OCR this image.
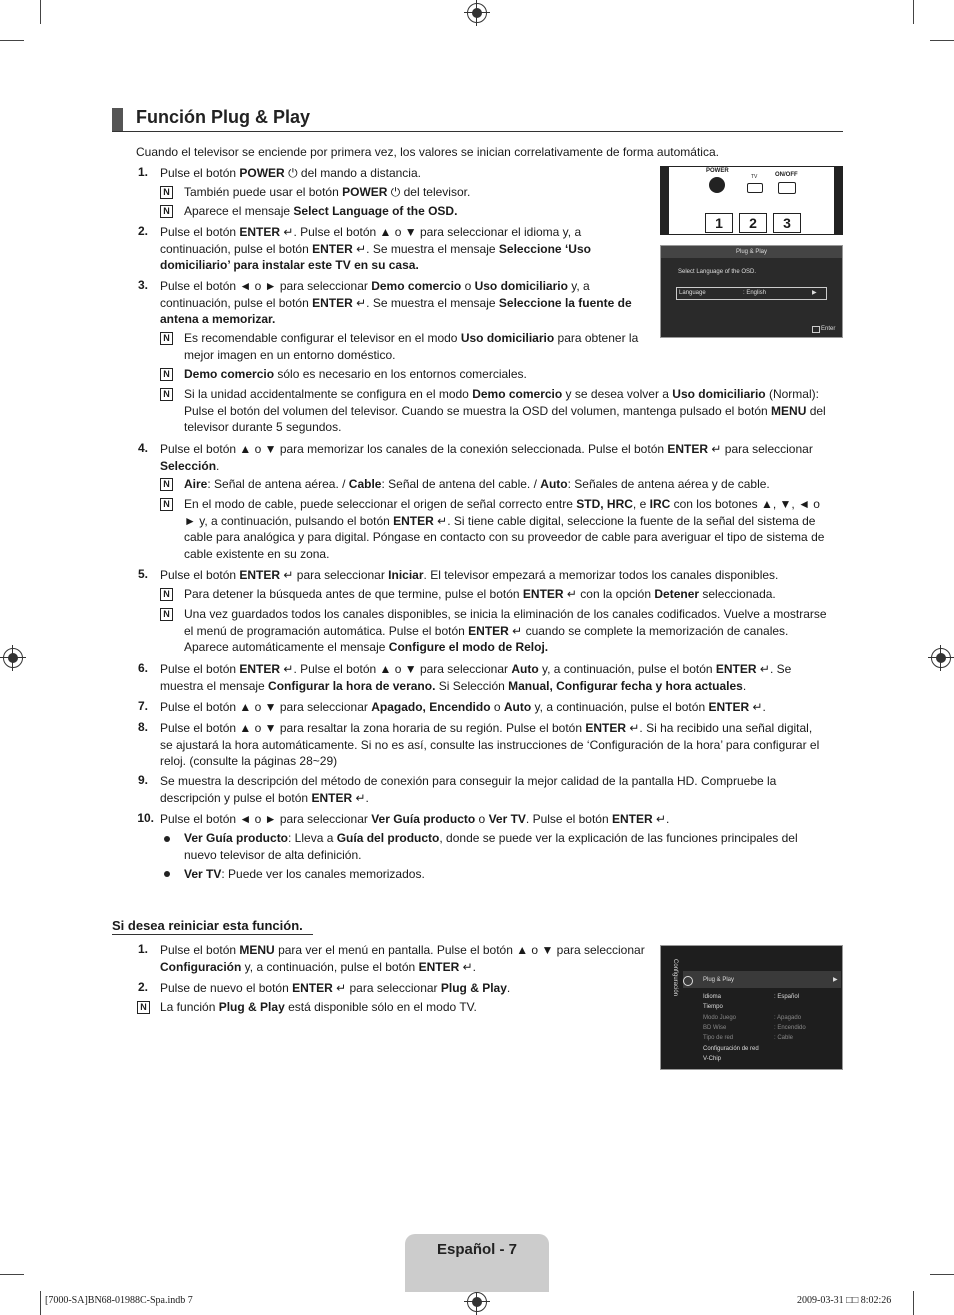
Función Plug & Play
Cuando el televisor se enciende por primera vez, los valores se inician correlativamente de forma automática.
POWER
TV	ON/OFF
1	2	3
Plug & Play
Select Language of the OSD.
Language	: English	▶
Enter
1. Pulse el botón POWER ⏻ del mando a distancia.
N También puede usar el botón POWER ⏻ del televisor.
N Aparece el mensaje Select Language of the OSD.
2. Pulse el botón ENTER ↵. Pulse el botón ▲ o ▼ para seleccionar el idioma y, a
continuación, pulse el botón ENTER ↵. Se muestra el mensaje Seleccione ‘Uso
domiciliario’ para instalar este TV en su casa.
3. Pulse el botón ◄ o ► para seleccionar Demo comercio o Uso domiciliario y, a
continuación, pulse el botón ENTER ↵. Se muestra el mensaje Seleccione la fuente de
antena a memorizar.
N Es recomendable configurar el televisor en el modo Uso domiciliario para obtener la
mejor imagen en un entorno doméstico.
N Demo comercio sólo es necesario en los entornos comerciales.
N Si la unidad accidentalmente se configura en el modo Demo comercio y se desea volver a Uso domiciliario (Normal):
Pulse el botón del volumen del televisor. Cuando se muestra la OSD del volumen, mantenga pulsado el botón MENU del
televisor durante 5 segundos.
4. Pulse el botón ▲ o ▼ para memorizar los canales de la conexión seleccionada. Pulse el botón ENTER ↵ para seleccionar
Selección.
N Aire: Señal de antena aérea. / Cable: Señal de antena del cable. / Auto: Señales de antena aérea y de cable.
N En el modo de cable, puede seleccionar el origen de señal correcto entre STD, HRC, e IRC con los botones ▲, ▼, ◄ o
► y, a continuación, pulsando el botón ENTER ↵. Si tiene cable digital, seleccione la fuente de la señal del sistema de
cable para analógica y para digital. Póngase en contacto con su proveedor de cable para averiguar el tipo de sistema de
cable existente en su zona.
5. Pulse el botón ENTER ↵ para seleccionar Iniciar. El televisor empezará a memorizar todos los canales disponibles.
N Para detener la búsqueda antes de que termine, pulse el botón ENTER ↵ con la opción Detener seleccionada.
N Una vez guardados todos los canales disponibles, se inicia la eliminación de los canales codificados. Vuelve a mostrarse
el menú de programación automática. Pulse el botón ENTER ↵ cuando se complete la memorización de canales.
Aparece automáticamente el mensaje Configure el modo de Reloj.
6. Pulse el botón ENTER ↵. Pulse el botón ▲ o ▼ para seleccionar Auto y, a continuación, pulse el botón ENTER ↵. Se
muestra el mensaje Configurar la hora de verano. Si Selección Manual, Configurar fecha y hora actuales.
7. Pulse el botón ▲ o ▼ para seleccionar Apagado, Encendido o Auto y, a continuación, pulse el botón ENTER ↵.
8. Pulse el botón ▲ o ▼ para resaltar la zona horaria de su región. Pulse el botón ENTER ↵. Si ha recibido una señal digital,
se ajustará la hora automáticamente. Si no es así, consulte las instrucciones de ‘Configuración de la hora’ para configurar el
reloj. (consulte la páginas 28~29)
9. Se muestra la descripción del método de conexión para conseguir la mejor calidad de la pantalla HD. Compruebe la
descripción y pulse el botón ENTER ↵.
10. Pulse el botón ◄ o ► para seleccionar Ver Guía producto o Ver TV. Pulse el botón ENTER ↵.
Ver Guía producto: Lleva a Guía del producto, donde se puede ver la explicación de las funciones principales del
nuevo televisor de alta definición.
Ver TV: Puede ver los canales memorizados.
Si desea reiniciar esta función.
1. Pulse el botón MENU para ver el menú en pantalla. Pulse el botón ▲ o ▼ para seleccionar
Configuración y, a continuación, pulse el botón ENTER ↵.
2. Pulse de nuevo el botón ENTER ↵ para seleccionar Plug & Play.
N La función Plug & Play está disponible sólo en el modo TV.
Configuración	Plug & Play	▶
Idioma	: Español
Tiempo
Modo Juego	: Apagado
BD Wise	: Encendido
Tipo de red	: Cable
Configuración de red
V-Chip
Español - 7
[7000-SA]BN68-01988C-Spa.indb 7	2009-03-31 □□ 8:02:26
